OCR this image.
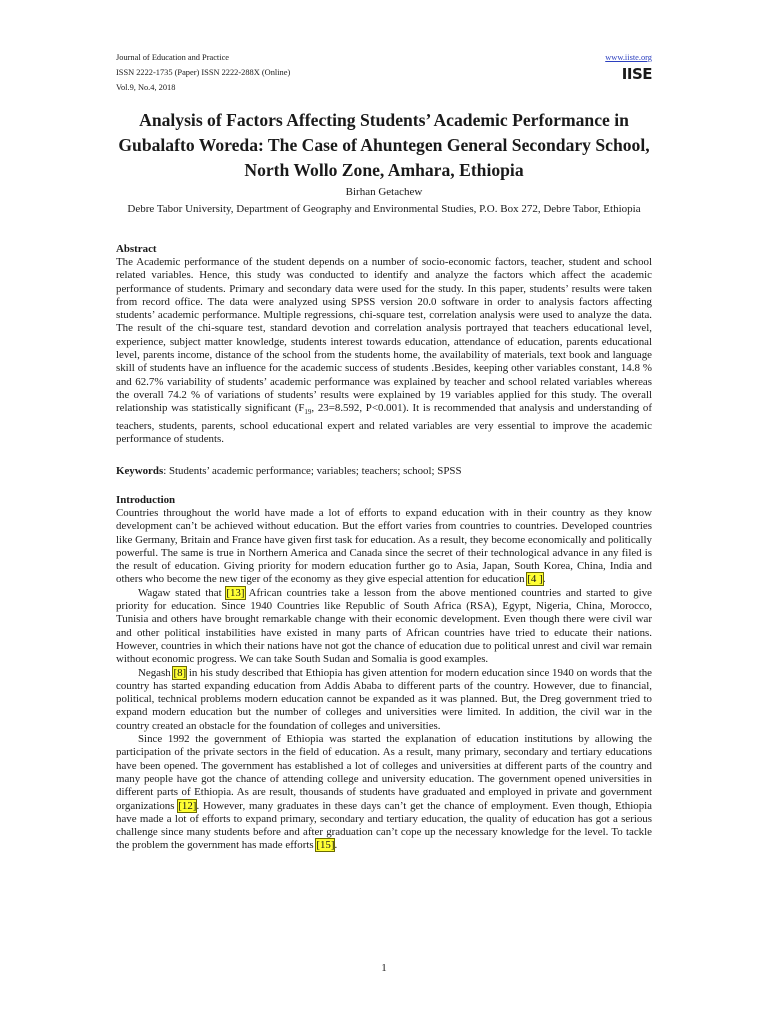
Journal of Education and Practice
ISSN 2222-1735 (Paper) ISSN 2222-288X (Online)
Vol.9, No.4, 2018
www.iiste.org
IISE
Analysis of Factors Affecting Students’ Academic Performance in Gubalafto Woreda: The Case of Ahuntegen General Secondary School, North Wollo Zone, Amhara, Ethiopia
Birhan Getachew
Debre Tabor University, Department of Geography and Environmental Studies, P.O. Box 272, Debre Tabor, Ethiopia
Abstract
The Academic performance of the student depends on a number of socio-economic factors, teacher, student and school related variables. Hence, this study was conducted to identify and analyze the factors which affect the academic performance of students. Primary and secondary data were used for the study. In this paper, students’ results were taken from record office. The data were analyzed using SPSS version 20.0 software in order to analysis factors affecting students’ academic performance. Multiple regressions, chi-square test, correlation analysis were used to analyze the data. The result of the chi-square test, standard devotion and correlation analysis portrayed that teachers educational level, experience, subject matter knowledge, students interest towards education, attendance of education, parents educational level, parents income, distance of the school from the students home, the availability of materials, text book and language skill of students have an influence for the academic success of students .Besides, keeping other variables constant, 14.8 % and 62.7% variability of students’ academic performance was explained by teacher and school related variables whereas the overall 74.2 % of variations of students’ results were explained by 19 variables applied for this study. The overall relationship was statistically significant ($F_{19}$, 23=8.592, P<0.001). It is recommended that analysis and understanding of teachers, students, parents, school educational expert and related variables are very essential to improve the academic performance of students.
Keywords: Students’ academic performance; variables; teachers; school; SPSS
Introduction

Countries throughout the world have made a lot of efforts to expand education with in their country as they know development can’t be achieved without education. But the effort varies from countries to countries. Developed countries like Germany, Britain and France have given first task for education. As a result, they become economically and politically powerful. The same is true in Northern America and Canada since the secret of their technological advance in any filed is the result of education. Giving priority for modern education further go to Asia, Japan, South Korea, China, India and others who become the new tiger of the economy as they give especial attention for education [4 ].

Wagaw stated that [13] African countries take a lesson from the above mentioned countries and started to give priority for education. Since 1940 Countries like Republic of South Africa (RSA), Egypt, Nigeria, China, Morocco, Tunisia and others have brought remarkable change with their economic development. Even though there were civil war and other political instabilities have existed in many parts of African countries have tried to educate their nations. However, countries in which their nations have not got the chance of education due to political unrest and civil war remain without economic progress. We can take South Sudan and Somalia is good examples.

Negash [8] in his study described that Ethiopia has given attention for modern education since 1940 on words that the country has started expanding education from Addis Ababa to different parts of the country. However, due to financial, political, technical problems modern education cannot be expanded as it was planned. But, the Dreg government tried to expand modern education but the number of colleges and universities were limited. In addition, the civil war in the country created an obstacle for the foundation of colleges and universities.

Since 1992 the government of Ethiopia was started the explanation of education institutions by allowing the participation of the private sectors in the field of education. As a result, many primary, secondary and tertiary educations have been opened. The government has established a lot of colleges and universities at different parts of the country and many people have got the chance of attending college and university education. The government opened universities in different parts of Ethiopia. As are result, thousands of students have graduated and employed in private and government organizations [12]. However, many graduates in these days can’t get the chance of employment. Even though, Ethiopia have made a lot of efforts to expand primary, secondary and tertiary education, the quality of education has got a serious challenge since many students before and after graduation can’t cope up the necessary knowledge for the level. To tackle the problem the government has made efforts [15].

1
